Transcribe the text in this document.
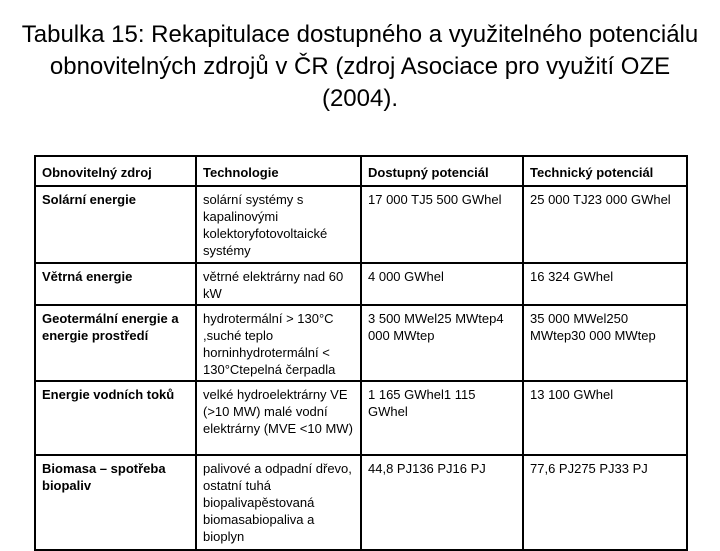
Tabulka 15: Rekapitulace dostupného a využitelného potenciálu obnovitelných zdrojů v ČR (zdroj Asociace pro využití OZE (2004).
Obnovitelný zdroj	Technologie	Dostupný potenciál	Technický potenciál
Solární energie	solární systémy s kapalinovými kolektoryfotovoltaické systémy	17 000 TJ5 500 GWhel	25 000 TJ23 000 GWhel
Větrná energie	větrné elektrárny nad 60 kW	4 000 GWhel	16 324 GWhel
Geotermální energie a energie prostředí	hydrotermální > 130°C ,suché teplo horninhydrotermální < 130°Ctepelná čerpadla	3 500 MWel25 MWtep4 000 MWtep	35 000 MWel250 MWtep30 000 MWtep
Energie vodních toků	velké hydroelektrárny VE (>10 MW) malé vodní elektrárny (MVE <10 MW)	1 165 GWhel1 115 GWhel	13 100 GWhel
Biomasa – spotřeba biopaliv	palivové a odpadní dřevo, ostatní tuhá biopalivapěstovaná biomasabiopaliva a bioplyn	44,8 PJ136 PJ16 PJ	77,6 PJ275 PJ33 PJ
